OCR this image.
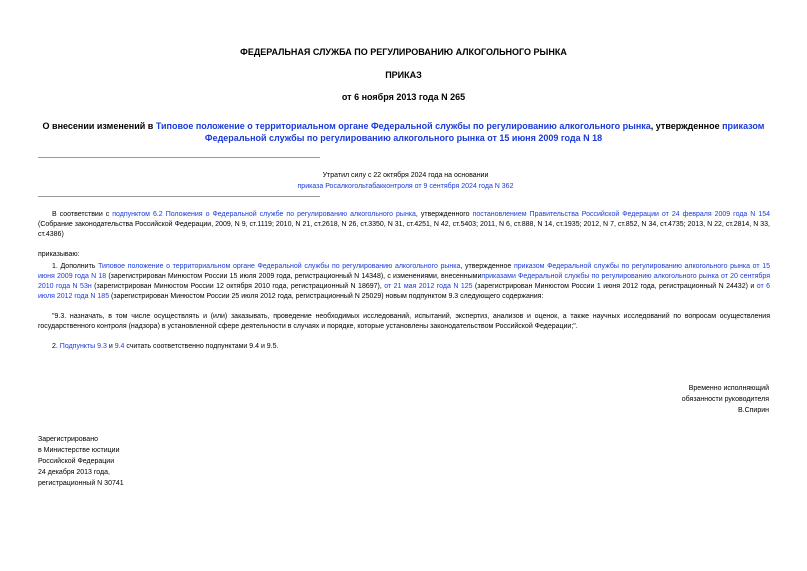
ФЕДЕРАЛЬНАЯ СЛУЖБА ПО РЕГУЛИРОВАНИЮ АЛКОГОЛЬНОГО РЫНКА
ПРИКАЗ
от 6 ноября 2013 года N 265
О внесении изменений в Типовое положение о территориальном органе Федеральной службы по регулированию алкогольного рынка, утвержденное приказом Федеральной службы по регулированию алкогольного рынка от 15 июня 2009 года N 18
Утратил силу с 22 октября 2024 года на основании
приказа Росалкогольтабакконтроля от 9 сентября 2024 года N 362
В соответствии с подпунктом 6.2 Положения о Федеральной службе по регулированию алкогольного рынка, утвержденного постановлением Правительства Российской Федерации от 24 февраля 2009 года N 154 (Собрание законодательства Российской Федерации, 2009, N 9, ст.1119; 2010, N 21, ст.2618, N 26, ст.3350, N 31, ст.4251, N 42, ст.5403; 2011, N 6, ст.888, N 14, ст.1935; 2012, N 7, ст.852, N 34, ст.4735; 2013, N 22, ст.2814, N 33, ст.4386)
приказываю:
1. Дополнить Типовое положение о территориальном органе Федеральной службы по регулированию алкогольного рынка, утвержденное приказом Федеральной службы по регулированию алкогольного рынка от 15 июня 2009 года N 18 (зарегистрирован Минюстом России 15 июля 2009 года, регистрационный N 14348), с изменениями, внесеннымиприказами Федеральной службы по регулированию алкогольного рынка от 20 сентября 2010 года N 53н (зарегистрирован Минюстом России 12 октября 2010 года, регистрационный N 18697), от 21 мая 2012 года N 125 (зарегистрирован Минюстом России 1 июня 2012 года, регистрационный N 24432) и от 6 июля 2012 года N 185 (зарегистрирован Минюстом России 25 июля 2012 года, регистрационный N 25029) новым подпунктом 9.3 следующего содержания:
"9.3. назначать, в том числе осуществлять и (или) заказывать, проведение необходимых исследований, испытаний, экспертиз, анализов и оценок, а также научных исследований по вопросам осуществления государственного контроля (надзора) в установленной сфере деятельности в случаях и порядке, которые установлены законодательством Российской Федерации;".
2. Подпункты 9.3 и 9.4 считать соответственно подпунктами 9.4 и 9.5.
Временно исполняющий
обязанности руководителя
В.Спирин
Зарегистрировано
в Министерстве юстиции
Российской Федерации
24 декабря 2013 года,
регистрационный N 30741
